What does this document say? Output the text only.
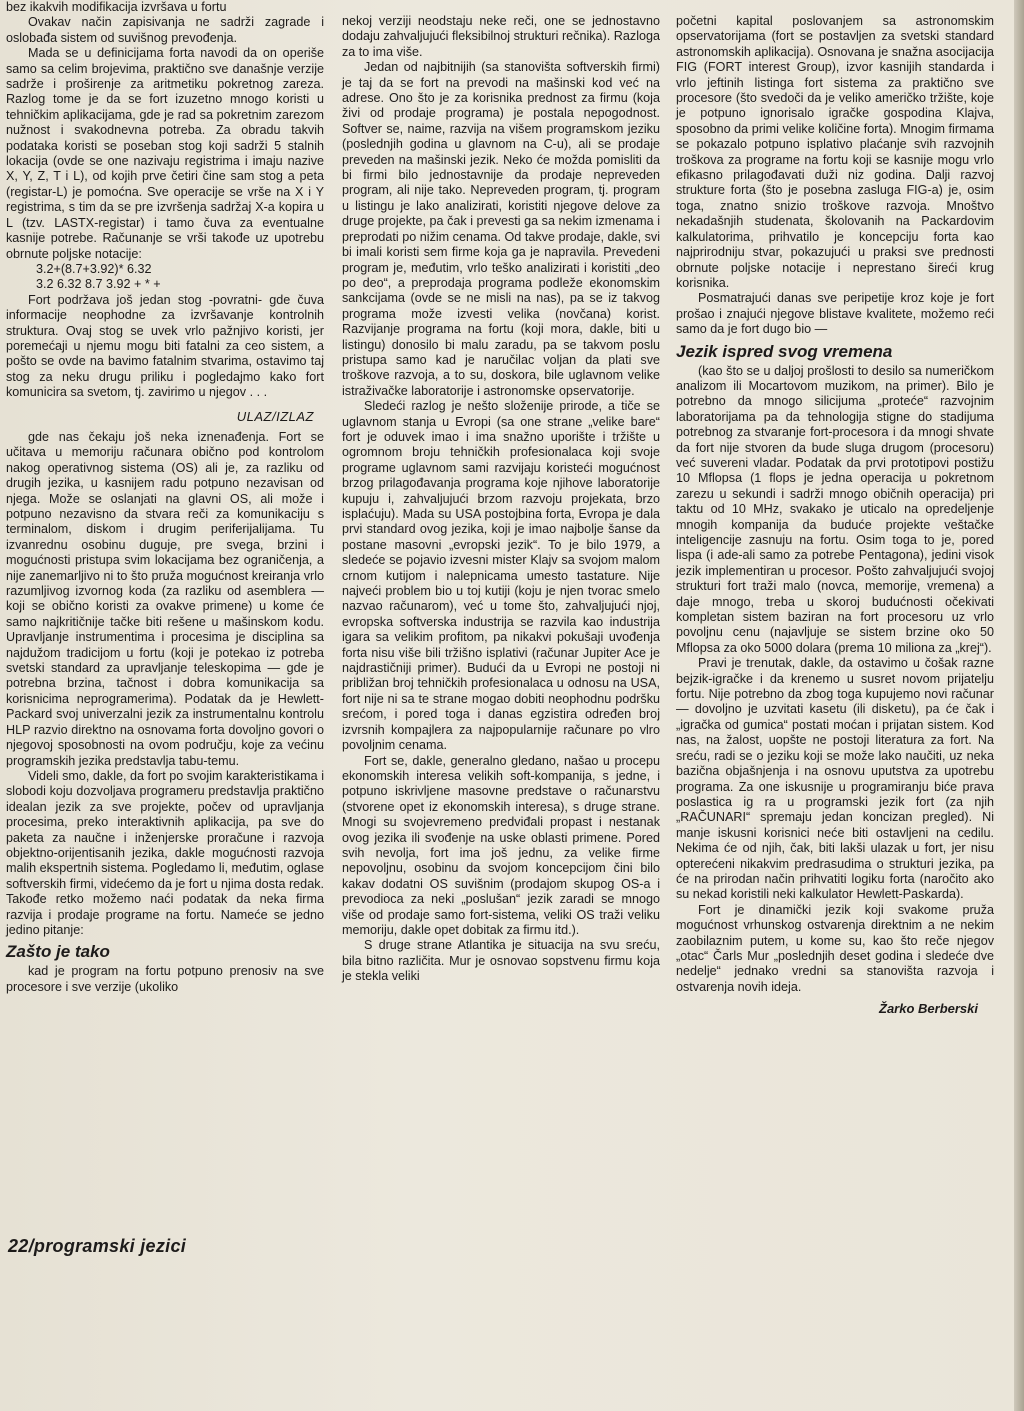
bez ikakvih modifikacija izvršava u fortu

Ovakav način zapisivanja ne sadrži zagrade i oslobađa sistem od suvišnog prevođenja.

Mada se u definicijama forta navodi da on operiše samo sa celim brojevima, praktično sve današnje verzije sadrže i proširenje za aritmetiku pokretnog zareza. Razlog tome je da se fort izuzetno mnogo koristi u tehničkim aplikacijama, gde je rad sa pokretnim zarezom nužnost i svakodnevna potreba. Za obradu takvih podataka koristi se poseban stog koji sadrži 5 stalnih lokacija (ovde se one nazivaju registrima i imaju nazive X, Y, Z, T i L), od kojih prve četiri čine sam stog a peta (registar-L) je pomoćna. Sve operacije se vrše na X i Y registrima, s tim da se pre izvršenja sadržaj X-a kopira u L (tzv. LASTX-registar) i tamo čuva za eventualne kasnije potrebe. Računanje se vrši takođe uz upotrebu obrnute poljske notacije:

3.2+(8.7+3.92)* 6.32
3.2 6.32 8.7 3.92 + * +

Fort podržava još jedan stog -povratni- gde čuva informacije neophodne za izvršavanje kontrolnih struktura. Ovaj stog se uvek vrlo pažnjivo koristi, jer poremećaji u njemu mogu biti fatalni za ceo sistem, a pošto se ovde na bavimo fatalnim stvarima, ostavimo taj stog za neku drugu priliku i pogledajmo kako fort komunicira sa svetom, tj. zavirimo u njegov . . .

ULAZ/IZLAZ

gde nas čekaju još neka iznenađenja. Fort se učitava u memoriju računara obično pod kontrolom nakog operativnog sistema (OS) ali je, za razliku od drugih jezika, u kasnijem radu potpuno nezavisan od njega. Može se oslanjati na glavni OS, ali može i potpuno nezavisno da stvara reči za komunikaciju s terminalom, diskom i drugim periferijalijama. Tu izvanrednu osobinu duguje, pre svega, brzini i mogućnosti pristupa svim lokacijama bez ograničenja, a nije zanemarljivo ni to što pruža mogućnost kreiranja vrlo razumljivog izvornog koda (za razliku od asemblera — koji se obično koristi za ovakve primene) u kome će samo najkritičnije tačke biti rešene u mašinskom kodu. Upravljanje instrumentima i procesima je disciplina sa najdužom tradicijom u fortu (koji je potekao iz potreba svetski standard za upravljanje teleskopima — gde je potrebna brzina, tačnost i dobra komunikacija sa korisnicima neprogramerima). Podatak da je Hewlett-Packard svoj univerzalni jezik za instrumentalnu kontrolu HLP razvio direktno na osnovama forta dovoljno govori o njegovoj sposobnosti na ovom području, koje za većinu programskih jezika predstavlja tabu-temu.

Videli smo, dakle, da fort po svojim karakteristikama i slobodi koju dozvoljava programeru predstavlja praktično idealan jezik za sve projekte, počev od upravljanja procesima, preko interaktivnih aplikacija, pa sve do paketa za naučne i inženjerske proračune i razvoja objektno-orijentisanih jezika, dakle mogućnosti razvoja malih ekspertnih sistema. Pogledamo li, međutim, oglase softverskih firmi, videćemo da je fort u njima dosta redak. Takođe retko možemo naći podatak da neka firma razvija i prodaje programe na fortu. Nameće se jedno jedino pitanje:

Zašto je tako

kad je program na fortu potpuno prenosiv na sve procesore i sve verzije (ukoliko

nekoj verziji neodstaju neke reči, one se jednostavno dodaju zahvaljujući fleksibilnoj strukturi rečnika). Razloga za to ima više.

Jedan od najbitnijih (sa stanovišta softverskih firmi) je taj da se fort na prevodi na mašinski kod već na adrese. Ono što je za korisnika prednost za firmu (koja živi od prodaje programa) je postala nepogodnost. Softver se, naime, razvija na višem programskom jeziku (poslednjih godina u glavnom na C-u), ali se prodaje preveden na mašinski jezik. Neko će možda pomisliti da bi firmi bilo jednostavnije da prodaje nepreveden program, ali nije tako. Nepreveden program, tj. program u listingu je lako analizirati, koristiti njegove delove za druge projekte, pa čak i prevesti ga sa nekim izmenama i preprodati po nižim cenama. Od takve prodaje, dakle, svi bi imali koristi sem firme koja ga je napravila. Prevedeni program je, međutim, vrlo teško analizirati i koristiti „deo po deo“, a preprodaja programa podleže ekonomskim sankcijama (ovde se ne misli na nas), pa se iz takvog programa može izvesti velika (novčana) korist. Razvijanje programa na fortu (koji mora, dakle, biti u listingu) donosilo bi malu zaradu, pa se takvom poslu pristupa samo kad je naručilac voljan da plati sve troškove razvoja, a to su, doskora, bile uglavnom velike istraživačke laboratorije i astronomske opservatorije.

Sledeći razlog je nešto složenije prirode, a tiče se uglavnom stanja u Evropi (sa one strane „velike bare“ fort je oduvek imao i ima snažno uporište i tržište u ogromnom broju tehničkih profesionalaca koji svoje programe uglavnom sami razvijaju koristeći mogućnost brzog prilagođavanja programa koje njihove laboratorije kupuju i, zahvaljujući brzom razvoju projekata, brzo isplaćuju). Mada su USA postojbina forta, Evropa je dala prvi standard ovog jezika, koji je imao najbolje šanse da postane masovni „evropski jezik“. To je bilo 1979, a sledeće se pojavio izvesni mister Klajv sa svojom malom crnom kutijom i nalepnicama umesto tastature. Nije najveći problem bio u toj kutiji (koju je njen tvorac smelo nazvao računarom), već u tome što, zahvaljujući njoj, evropska softverska industrija se razvila kao industrija igara sa velikim profitom, pa nikakvi pokušaji uvođenja forta nisu više bili tržišno isplativi (računar Jupiter Ace je najdrastičniji primer). Budući da u Evropi ne postoji ni približan broj tehničkih profesionalaca u odnosu na USA, fort nije ni sa te strane mogao dobiti neophodnu podršku srećom, i pored toga i danas egzistira određen broj izvrsnih kompajlera za najpopularnije računare po vlro povoljnim cenama.

Fort se, dakle, generalno gledano, našao u procepu ekonomskih interesa velikih soft-kompanija, s jedne, i potpuno iskrivljene masovne predstave o računarstvu (stvorene opet iz ekonomskih interesa), s druge strane. Mnogi su svojevremeno predviđali propast i nestanak ovog jezika ili svođenje na uske oblasti primene. Pored svih nevolja, fort ima još jednu, za velike firme nepovoljnu, osobinu da svojom koncepcijom čini bilo kakav dodatni OS suvišnim (prodajom skupog OS-a i prevodioca za neki „poslušan“ jezik zaradi se mnogo više od prodaje samo fort-sistema, veliki OS traži veliku memoriju, dakle opet dobitak za firmu itd.).

S druge strane Atlantika je situacija na svu sreću, bila bitno različita. Mur je osnovao sopstvenu firmu koja je stekla veliki

početni kapital poslovanjem sa astronomskim opservatorijama (fort se postavljen za svetski standard astronomskih aplikacija). Osnovana je snažna asocijacija FIG (FORT interest Group), izvor kasnijih standarda i vrlo jeftinih listinga fort sistema za praktično sve procesore (što svedoči da je veliko američko tržište, koje je potpuno ignorisalo igračke gospodina Klajva, sposobno da primi velike količine forta). Mnogim firmama se pokazalo potpuno isplativo plaćanje svih razvojnih troškova za programe na fortu koji se kasnije mogu vrlo efikasno prilagođavati duži niz godina. Dalji razvoj strukture forta (što je posebna zasluga FIG-a) je, osim toga, znatno snizio troškove razvoja. Mnoštvo nekadašnjih studenata, školovanih na Packardovim kalkulatorima, prihvatilo je koncepciju forta kao najprirodniju stvar, pokazujući u praksi sve prednosti obrnute poljske notacije i neprestano šireći krug korisnika.

Posmatrajući danas sve peripetije kroz koje je fort prošao i znajući njegove blistave kvalitete, možemo reći samo da je fort dugo bio —

Jezik ispred svog vremena

(kao što se u daljoj prošlosti to desilo sa numeričkom analizom ili Mocartovom muzikom, na primer). Bilo je potrebno da mnogo silicijuma „proteće“ razvojnim laboratorijama pa da tehnologija stigne do stadijuma potrebnog za stvaranje fort-procesora i da mnogi shvate da fort nije stvoren da bude sluga drugom (procesoru) već suvereni vladar. Podatak da prvi prototipovi postižu 10 Mflopsa (1 flops je jedna operacija u pokretnom zarezu u sekundi i sadrži mnogo običnih operacija) pri taktu od 10 MHz, svakako je uticalo na opredeljenje mnogih kompanija da buduće projekte veštačke inteligencije zasnuju na fortu. Osim toga to je, pored lispa (i ade-ali samo za potrebe Pentagona), jedini visok jezik implementiran u procesor. Pošto zahvaljujući svojoj strukturi fort traži malo (novca, memorije, vremena) a daje mnogo, treba u skoroj budućnosti očekivati kompletan sistem baziran na fort procesoru uz vrlo povoljnu cenu (najavljuje se sistem brzine oko 50 Mflopsa za oko 5000 dolara (prema 10 miliona za „krej“).

Pravi je trenutak, dakle, da ostavimo u čošak razne bejzik-igračke i da krenemo u susret novom prijatelju fortu. Nije potrebno da zbog toga kupujemo novi računar — dovoljno je uzvitati kasetu (ili disketu), pa će čak i „igračka od gumica“ postati moćan i prijatan sistem. Kod nas, na žalost, uopšte ne postoji literatura za fort. Na sreću, radi se o jeziku koji se može lako naučiti, uz neka bazična objašnjenja i na osnovu uputstva za upotrebu programa. Za one iskusnije u programiranju biće prava poslastica ig ra u programski jezik fort (za njih „RAČUNARI“ spremaju jedan koncizan pregled). Ni manje iskusni korisnici neće biti ostavljeni na cedilu. Nekima će od njih, čak, biti lakši ulazak u fort, jer nisu opterećeni nikakvim predrasudima o strukturi jezika, pa će na prirodan način prihvatiti logiku forta (naročito ako su nekad koristili neki kalkulator Hewlett-Paskarda).

Fort je dinamički jezik koji svakome pruža mogućnost vrhunskog ostvarenja direktnim a ne nekim zaobilaznim putem, u kome su, kao što reče njegov „otac“ Čarls Mur „poslednjih deset godina i sledeće dve nedelje“ jednako vredni sa stanovišta razvoja i ostvarenja novih ideja.

Žarko Berberski
22/programski jezici
